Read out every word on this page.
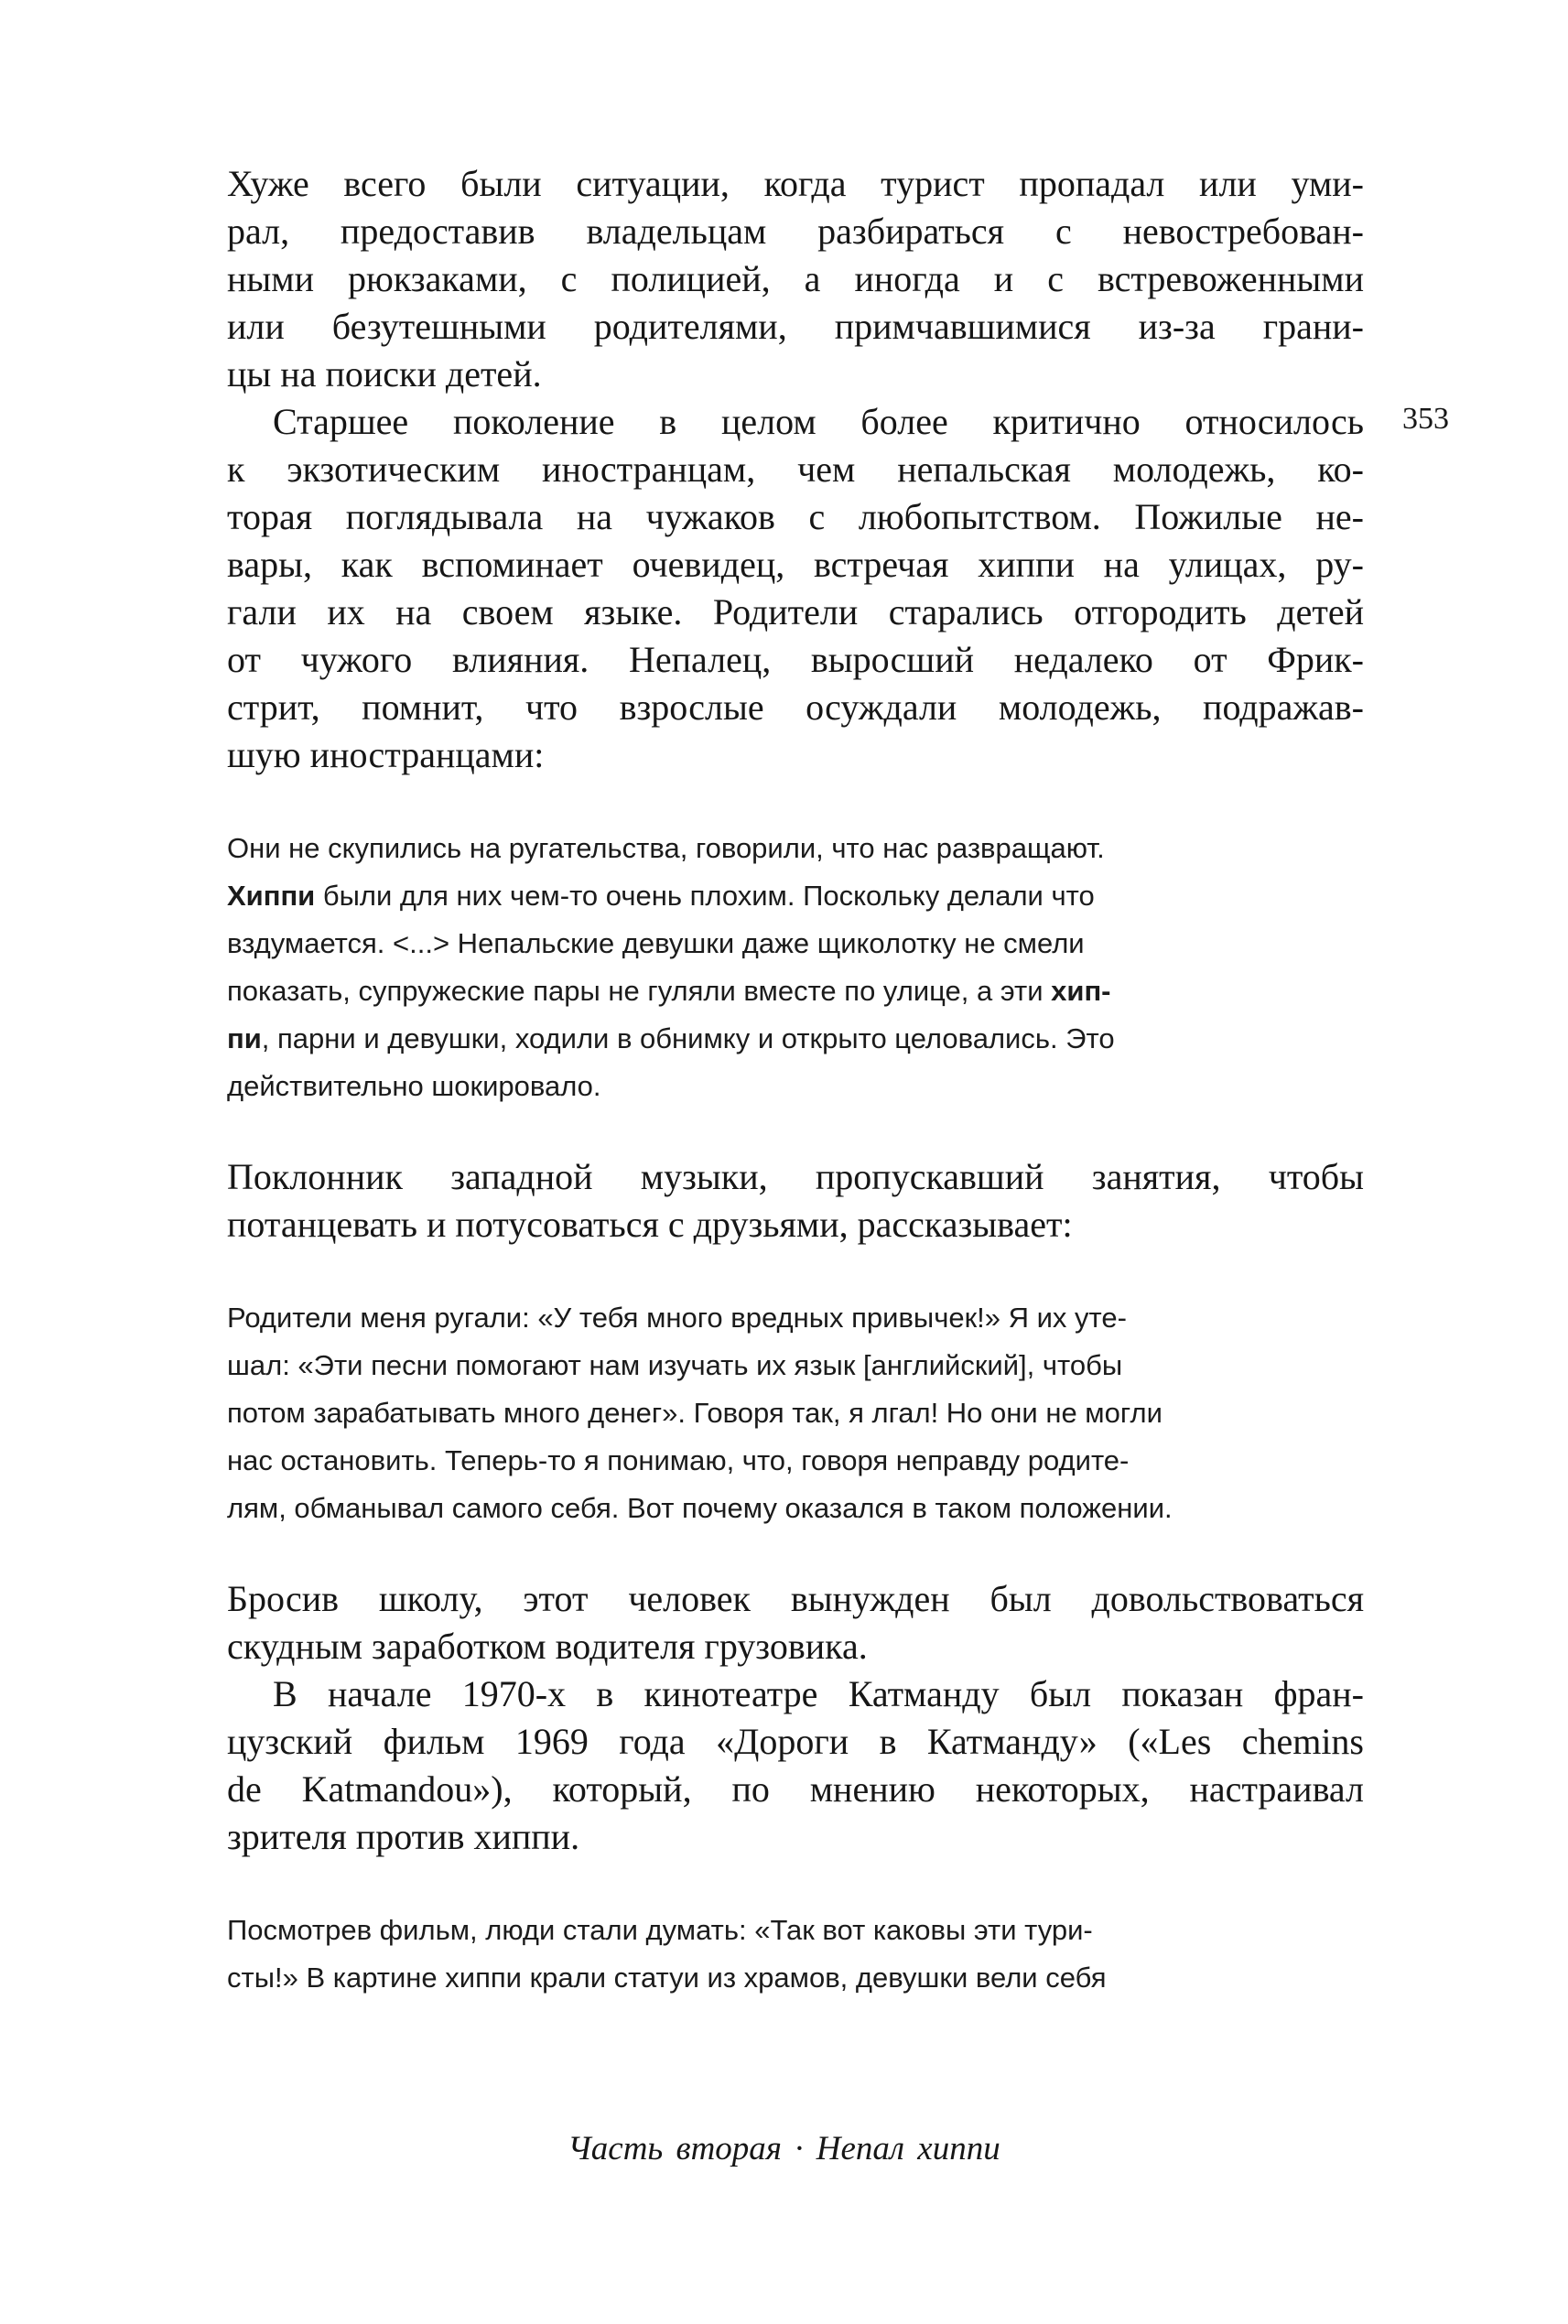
353
Хуже всего были ситуации, когда турист пропадал или уми-
рал, предоставив владельцам разбираться с невостребован-
ными рюкзаками, с полицией, а иногда и с встревоженными
или безутешными родителями, примчавшимися из-за грани-
цы на поиски детей.
Старшее поколение в целом более критично относилось
к экзотическим иностранцам, чем непальская молодежь, ко-
торая поглядывала на чужаков с любопытством. Пожилые не-
вары, как вспоминает очевидец, встречая хиппи на улицах, ру-
гали их на своем языке. Родители старались отгородить детей
от чужого влияния. Непалец, выросший недалеко от Фрик-
стрит, помнит, что взрослые осуждали молодежь, подражав-
шую иностранцами:
Они не скупились на ругательства, говорили, что нас развращают.
Хиппи были для них чем-то очень плохим. Поскольку делали что
вздумается. <...> Непальские девушки даже щиколотку не смели
показать, супружеские пары не гуляли вместе по улице, а эти хип-
пи, парни и девушки, ходили в обнимку и открыто целовались. Это
действительно шокировало.
Поклонник западной музыки, пропускавший занятия, чтобы
потанцевать и потусоваться с друзьями, рассказывает:
Родители меня ругали: «У тебя много вредных привычек!» Я их уте-
шал: «Эти песни помогают нам изучать их язык [английский], чтобы
потом зарабатывать много денег». Говоря так, я лгал! Но они не могли
нас остановить. Теперь-то я понимаю, что, говоря неправду родите-
лям, обманывал самого себя. Вот почему оказался в таком положении.
Бросив школу, этот человек вынужден был довольствоваться
скудным заработком водителя грузовика.
В начале 1970-х в кинотеатре Катманду был показан фран-
цузский фильм 1969 года «Дороги в Катманду» («Les chemins
de Katmandou»), который, по мнению некоторых, настраивал
зрителя против хиппи.
Посмотрев фильм, люди стали думать: «Так вот каковы эти тури-
сты!» В картине хиппи крали статуи из храмов, девушки вели себя
Часть вторая · Непал хиппи
